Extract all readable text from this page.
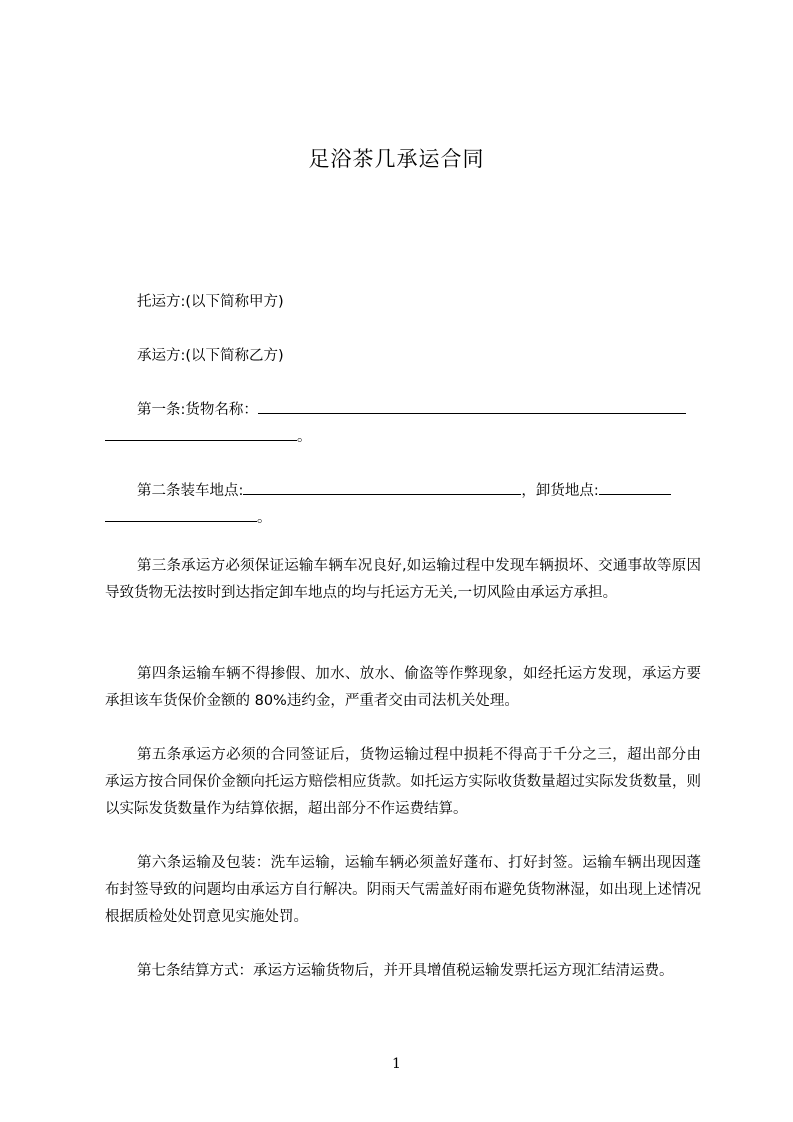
足浴茶几承运合同
托运方:(以下简称甲方)
承运方:(以下简称乙方)
第一条:货物名称：
。
第二条装车地点:	，卸货地点:
。

第三条承运方必须保证运输车辆车况良好,如运输过程中发现车辆损坏、交通事故等原因导致货物无法按时到达指定卸车地点的均与托运方无关,一切风险由承运方承担。

第四条运输车辆不得掺假、加水、放水、偷盗等作弊现象，如经托运方发现，承运方要承担该车货保价金额的 80%违约金，严重者交由司法机关处理。

第五条承运方必须的合同签证后，货物运输过程中损耗不得高于千分之三，超出部分由承运方按合同保价金额向托运方赔偿相应货款。如托运方实际收货数量超过实际发货数量，则以实际发货数量作为结算依据，超出部分不作运费结算。

第六条运输及包装：洗车运输，运输车辆必须盖好蓬布、打好封签。运输车辆出现因蓬布封签导致的问题均由承运方自行解决。阴雨天气需盖好雨布避免货物淋湿，如出现上述情况根据质检处处罚意见实施处罚。

第七条结算方式：承运方运输货物后，并开具增值税运输发票托运方现汇结清运费。

1
